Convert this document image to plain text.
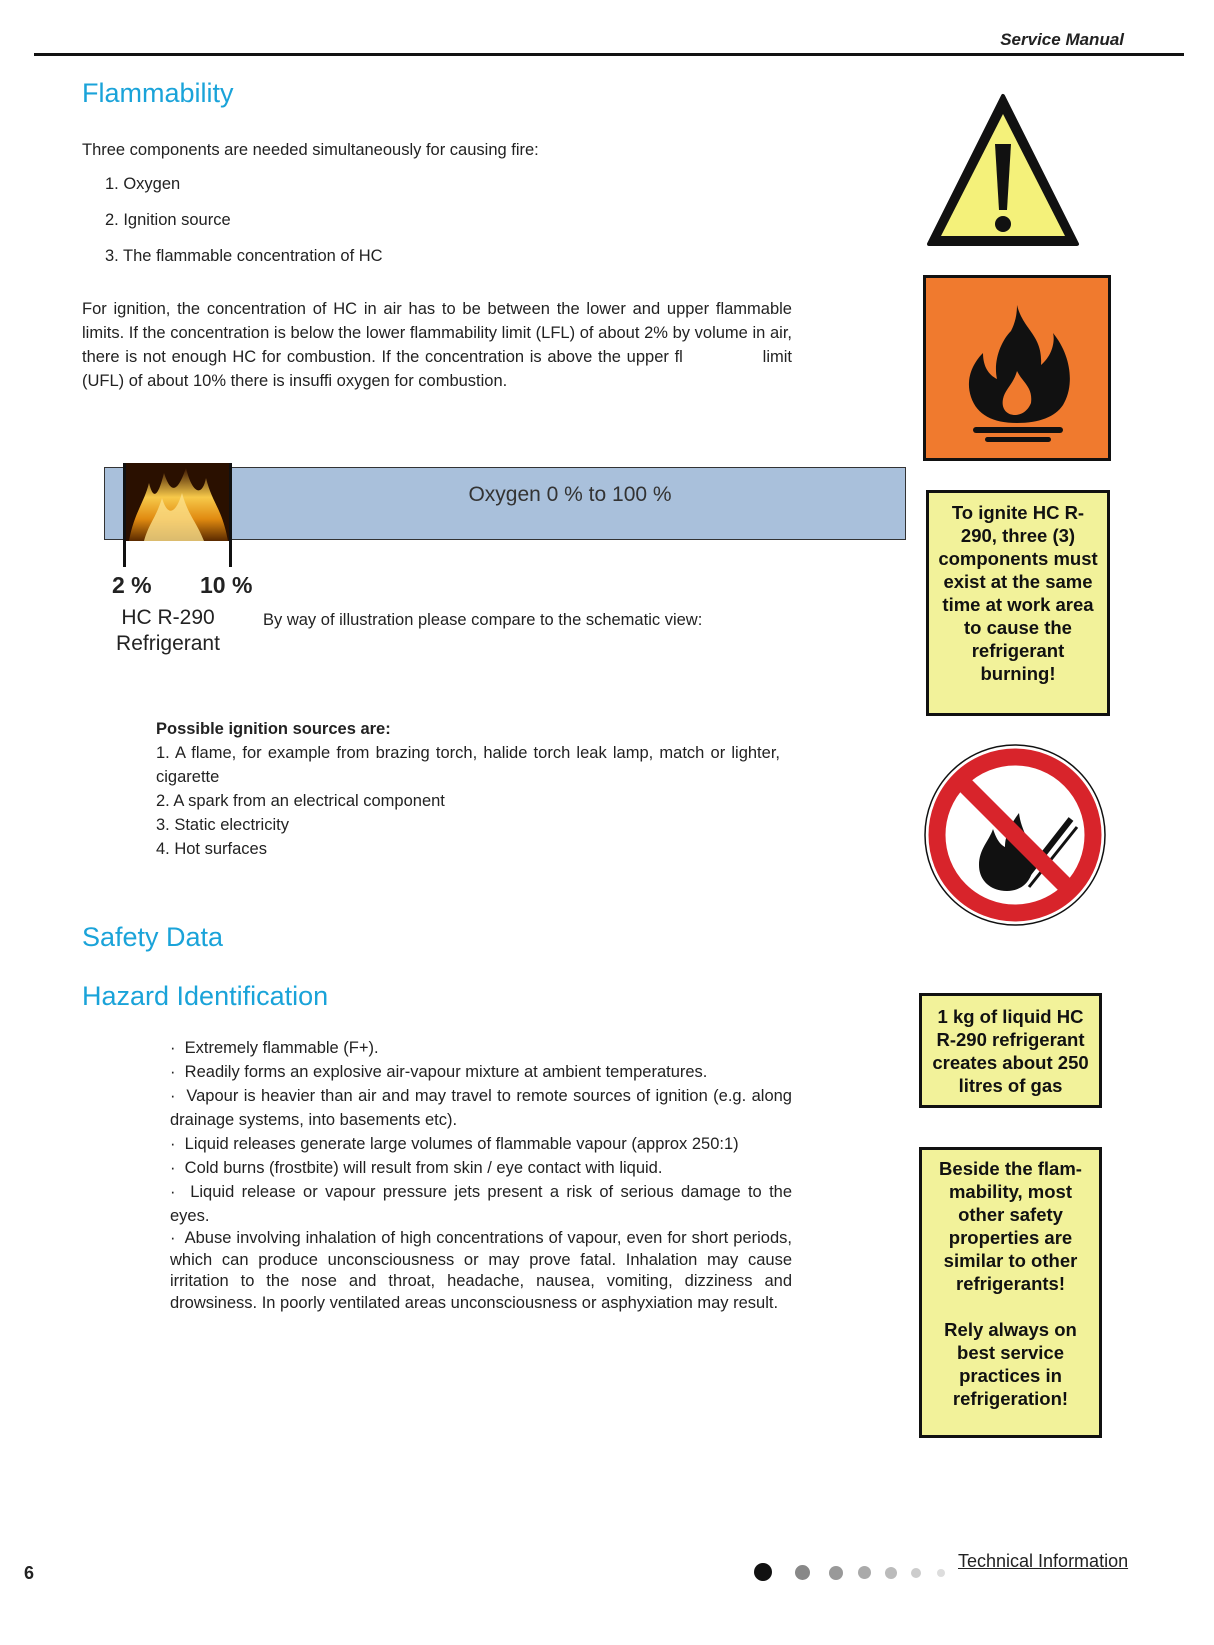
Service Manual
Flammability
Three components are needed simultaneously for causing fire:
1. Oxygen
2. Ignition source
3. The flammable concentration of HC
For ignition, the concentration of HC in air has to be between the lower and upper flammable limits. If the concentration is below the lower flammability limit (LFL) of about 2% by volume in air, there is not enough HC for combustion. If the concentration is above the upper fl              limit (UFL) of about 10% there is insuffi oxygen for combustion.
Oxygen 0 % to 100 %
2 % 10 %
HC R-290
Refrigerant
By way of illustration please compare to the schematic view:
Possible ignition sources are:
1. A flame, for example from brazing torch, halide torch leak lamp, match or lighter, cigarette
2. A spark from an electrical component
3. Static electricity
4. Hot surfaces
Safety Data
Hazard Identification
·  Extremely flammable (F+).
·  Readily forms an explosive air-vapour mixture at ambient temperatures.
·  Vapour is heavier than air and may travel to remote sources of ignition (e.g. along drainage systems, into basements etc).
·  Liquid releases generate large volumes of flammable vapour (approx 250:1)
·  Cold burns (frostbite) will result from skin / eye contact with liquid.
·  Liquid release or vapour pressure jets present a risk of serious damage to the eyes.
·  Abuse involving inhalation of high concentrations of vapour, even for short periods, which can produce unconsciousness or may prove fatal. Inhalation may cause irritation to the nose and throat, headache, nausea, vomiting, dizziness and drowsiness. In poorly ventilated areas unconsciousness or asphyxiation may result.
To ignite HC R-290, three (3) components must exist at the same time at work area to cause the refrigerant burning!
1 kg of liquid HC R-290 refrigerant creates about 250 litres of gas
Beside the flam-mability, most other safety properties are similar to other refrigerants!
Rely always on best service practices in refrigeration!
6
Technical Information
